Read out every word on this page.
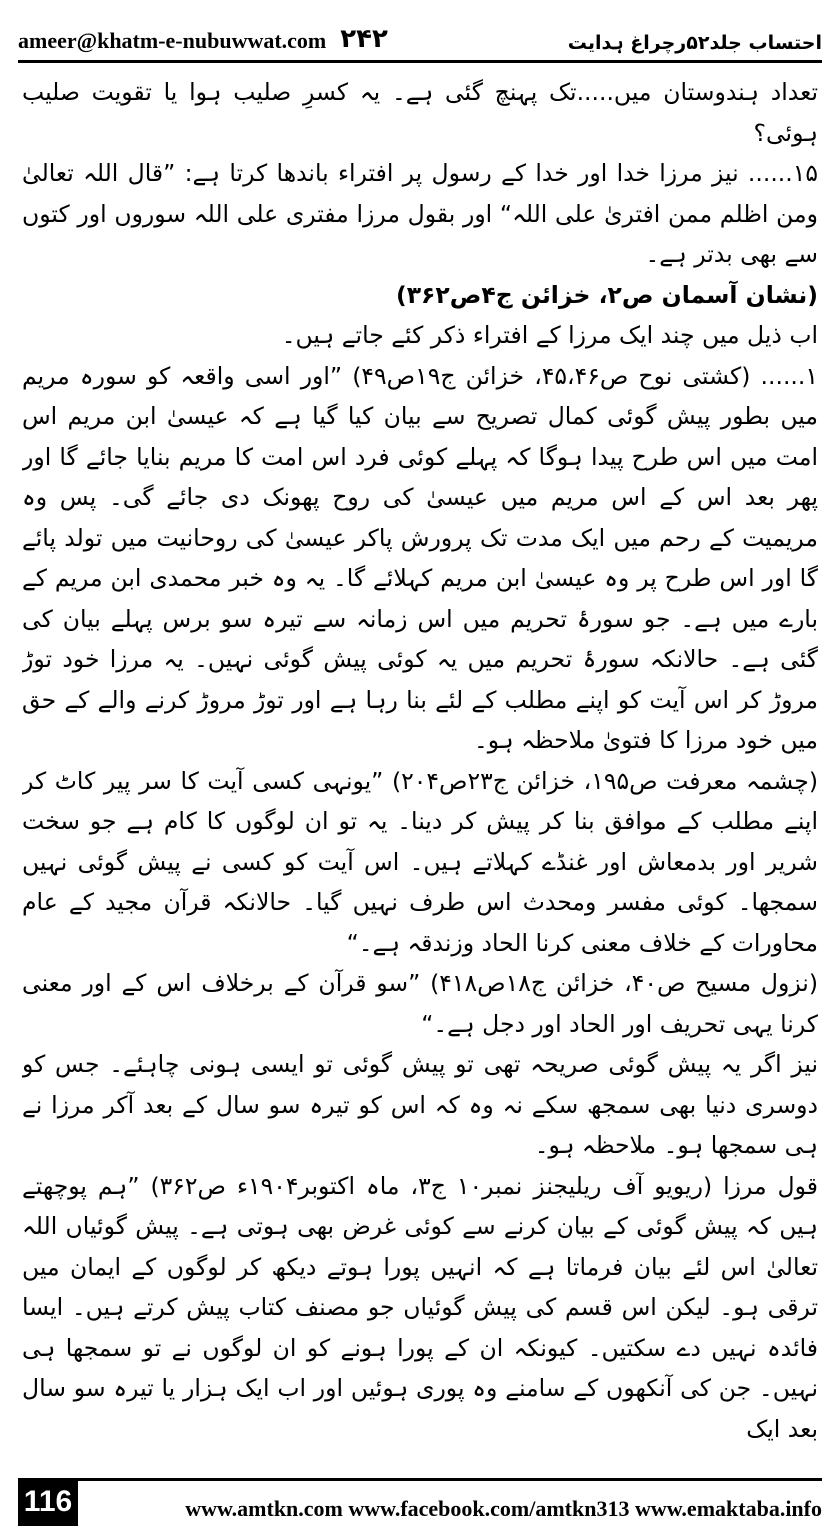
ameer@khatm-e-nubuwwat.com ۲۴۲	احتساب جلد۵۲رچراغ ہدایت

تعداد ہندوستان میں.....تک پہنچ گئی ہے۔ یہ کسرِ صلیب ہوا یا تقویت صلیب ہوئی؟

۱۵...... نیز مرزا خدا اور خدا کے رسول پر افتراء باندھا کرتا ہے: ”قال اللہ تعالیٰ ومن اظلم ممن افتریٰ علی اللہ“ اور بقول مرزا مفتری علی اللہ سوروں اور کتوں سے بھی بدتر ہے۔

(نشان آسمان ص۲، خزائن ج۴ص۳۶۲)

اب ذیل میں چند ایک مرزا کے افتراء ذکر کئے جاتے ہیں۔

۱...... (کشتی نوح ص۴۵،۴۶، خزائن ج۱۹ص۴۹) ”اور اسی واقعہ کو سورہ مریم میں بطور پیش گوئی کمال تصریح سے بیان کیا گیا ہے کہ عیسیٰ ابن مریم اس امت میں اس طرح پیدا ہوگا کہ پہلے کوئی فرد اس امت کا مریم بنایا جائے گا اور پھر بعد اس کے اس مریم میں عیسیٰ کی روح پھونک دی جائے گی۔ پس وہ مریمیت کے رحم میں ایک مدت تک پرورش پاکر عیسیٰ کی روحانیت میں تولد پائے گا اور اس طرح پر وہ عیسیٰ ابن مریم کہلائے گا۔ یہ وہ خبر محمدی ابن مریم کے بارے میں ہے۔ جو سورۂ تحریم میں اس زمانہ سے تیرہ سو برس پہلے بیان کی گئی ہے۔ حالانکہ سورۂ تحریم میں یہ کوئی پیش گوئی نہیں۔ یہ مرزا خود توڑ مروڑ کر اس آیت کو اپنے مطلب کے لئے بنا رہا ہے اور توڑ مروڑ کرنے والے کے حق میں خود مرزا کا فتویٰ ملاحظہ ہو۔

(چشمہ معرفت ص۱۹۵، خزائن ج۲۳ص۲۰۴) ”یونہی کسی آیت کا سر پیر کاٹ کر اپنے مطلب کے موافق بنا کر پیش کر دینا۔ یہ تو ان لوگوں کا کام ہے جو سخت شریر اور بدمعاش اور غنڈے کہلاتے ہیں۔ اس آیت کو کسی نے پیش گوئی نہیں سمجھا۔ کوئی مفسر ومحدث اس طرف نہیں گیا۔ حالانکہ قرآن مجید کے عام محاورات کے خلاف معنی کرنا الحاد وزندقہ ہے۔“

(نزول مسیح ص۴۰، خزائن ج۱۸ص۴۱۸) ”سو قرآن کے برخلاف اس کے اور معنی کرنا یہی تحریف اور الحاد اور دجل ہے۔“

نیز اگر یہ پیش گوئی صریحہ تھی تو پیش گوئی تو ایسی ہونی چاہئے۔ جس کو دوسری دنیا بھی سمجھ سکے نہ وہ کہ اس کو تیرہ سو سال کے بعد آکر مرزا نے ہی سمجھا ہو۔ ملاحظہ ہو۔

قول مرزا (ریویو آف ریلیجنز نمبر۱۰ ج۳، ماہ اکتوبر۱۹۰۴ء ص۳۶۲) ”ہم پوچھتے ہیں کہ پیش گوئی کے بیان کرنے سے کوئی غرض بھی ہوتی ہے۔ پیش گوئیاں اللہ تعالیٰ اس لئے بیان فرماتا ہے کہ انہیں پورا ہوتے دیکھ کر لوگوں کے ایمان میں ترقی ہو۔ لیکن اس قسم کی پیش گوئیاں جو مصنف کتاب پیش کرتے ہیں۔ ایسا فائدہ نہیں دے سکتیں۔ کیونکہ ان کے پورا ہونے کو ان لوگوں نے تو سمجھا ہی نہیں۔ جن کی آنکھوں کے سامنے وہ پوری ہوئیں اور اب ایک ہزار یا تیرہ سو سال بعد ایک

116	www.amtkn.com www.facebook.com/amtkn313 www.emaktaba.info
